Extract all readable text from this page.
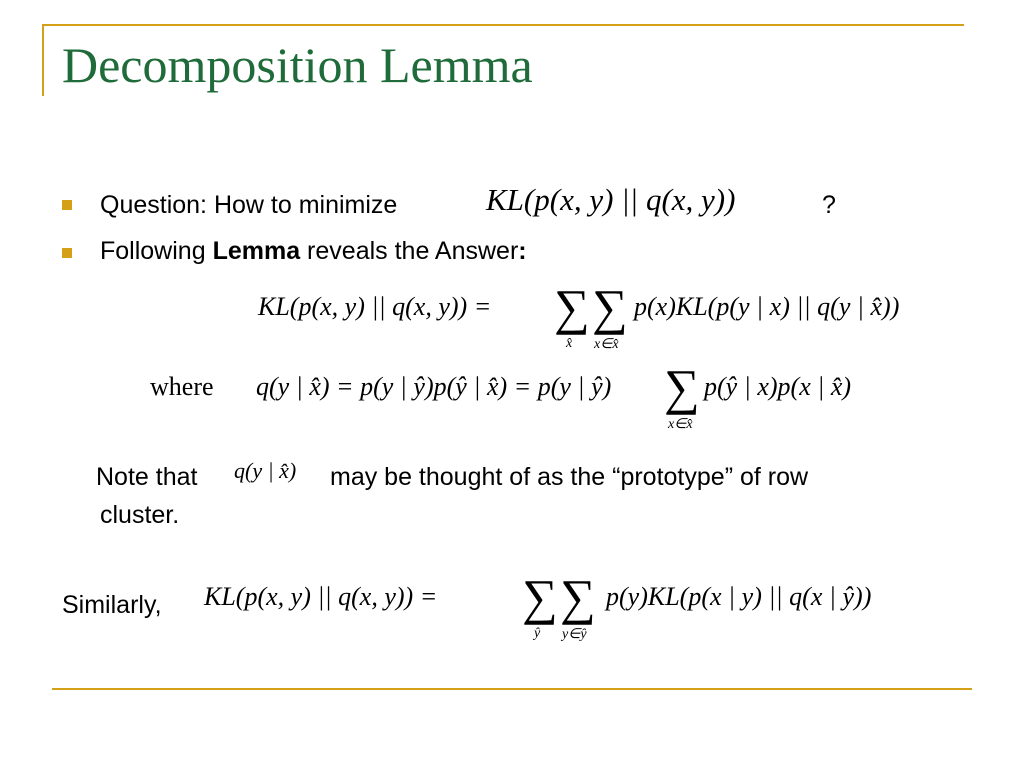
Decomposition Lemma
Question: How to minimize	KL(p(x, y) || q(x, y))	?
Following Lemma reveals the Answer:
KL(p(x, y) || q(x, y)) = ∑ ∑
x̂ x∈x̂
p(x)KL(p(y | x) || q(y | x̂))
where q(y | x̂) = p(y | ŷ)p(ŷ | x̂) = p(y | ŷ) ∑
x∈x̂
p(ŷ | x)p(x | x̂)
Note that q(y | x̂) may be thought of as the “prototype” of row
cluster.
Similarly, KL(p(x, y) || q(x, y)) = ∑ ∑
ŷ y∈ŷ
p(y)KL(p(x | y) || q(x | ŷ))
